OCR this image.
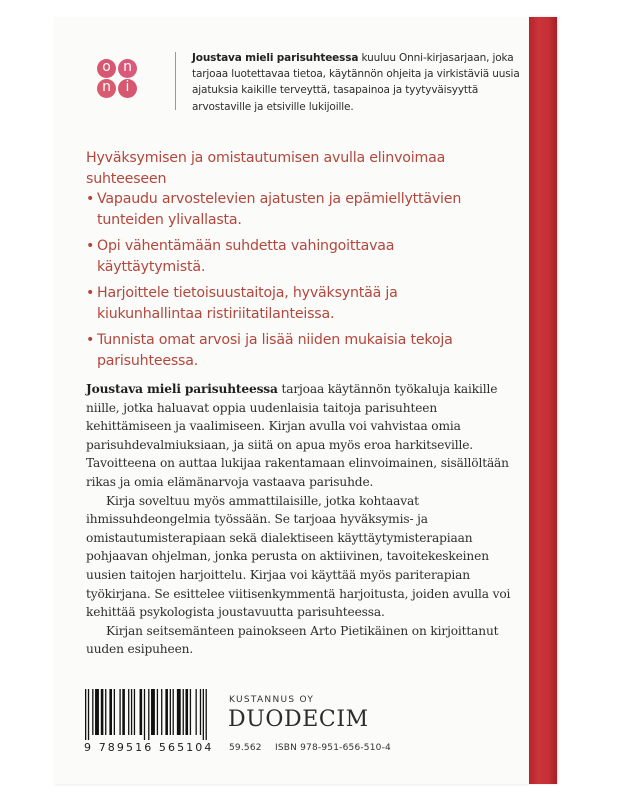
o n
n	i
Joustava mieli parisuhteessa kuuluu Onni-kirjasarjaan, joka tarjoaa luotettavaa tietoa, käytännön ohjeita ja virkistäviä uusia ajatuksia kaikille terveyttä, tasapainoa ja tyytyväisyyttä arvostaville ja etsiville lukijoille.
Hyväksymisen ja omistautumisen avulla elinvoimaa suhteeseen
• Vapaudu arvostelevien ajatusten ja epämiellyttävien tunteiden ylivallasta.
• Opi vähentämään suhdetta vahingoittavaa käyttäytymistä.
• Harjoittele tietoisuustaitoja, hyväksyntää ja kiukunhallintaa ristiriitatilanteissa.
• Tunnista omat arvosi ja lisää niiden mukaisia tekoja parisuhteessa.

Joustava mieli parisuhteessa tarjoaa käytännön työkaluja kaikille niille, jotka haluavat oppia uudenlaisia taitoja parisuhteen kehittämiseen ja vaalimiseen. Kirjan avulla voi vahvistaa omia parisuhdevalmiuksiaan, ja siitä on apua myös eroa harkitseville. Tavoitteena on auttaa lukijaa rakentamaan elinvoimainen, sisällöltään rikas ja omia elämänarvoja vastaava parisuhde.

Kirja soveltuu myös ammattilaisille, jotka kohtaavat ihmissuhdeongelmia työssään. Se tarjoaa hyväksymis- ja omistautumisterapiaan sekä dialektiseen käyttäytymisterapiaan pohjaavan ohjelman, jonka perusta on aktiivinen, tavoitekeskeinen uusien taitojen harjoittelu. Kirjaa voi käyttää myös pariterapian työkirjana. Se esittelee viitisenkymmentä harjoitusta, joiden avulla voi kehittää psykologista joustavuutta parisuhteessa.

Kirjan seitsemänteen painokseen Arto Pietikäinen on kirjoittanut uuden esipuheen.

9 789516 565104
KUSTANNUS OY
DUODECIM
59.562 ISBN 978-951-656-510-4
